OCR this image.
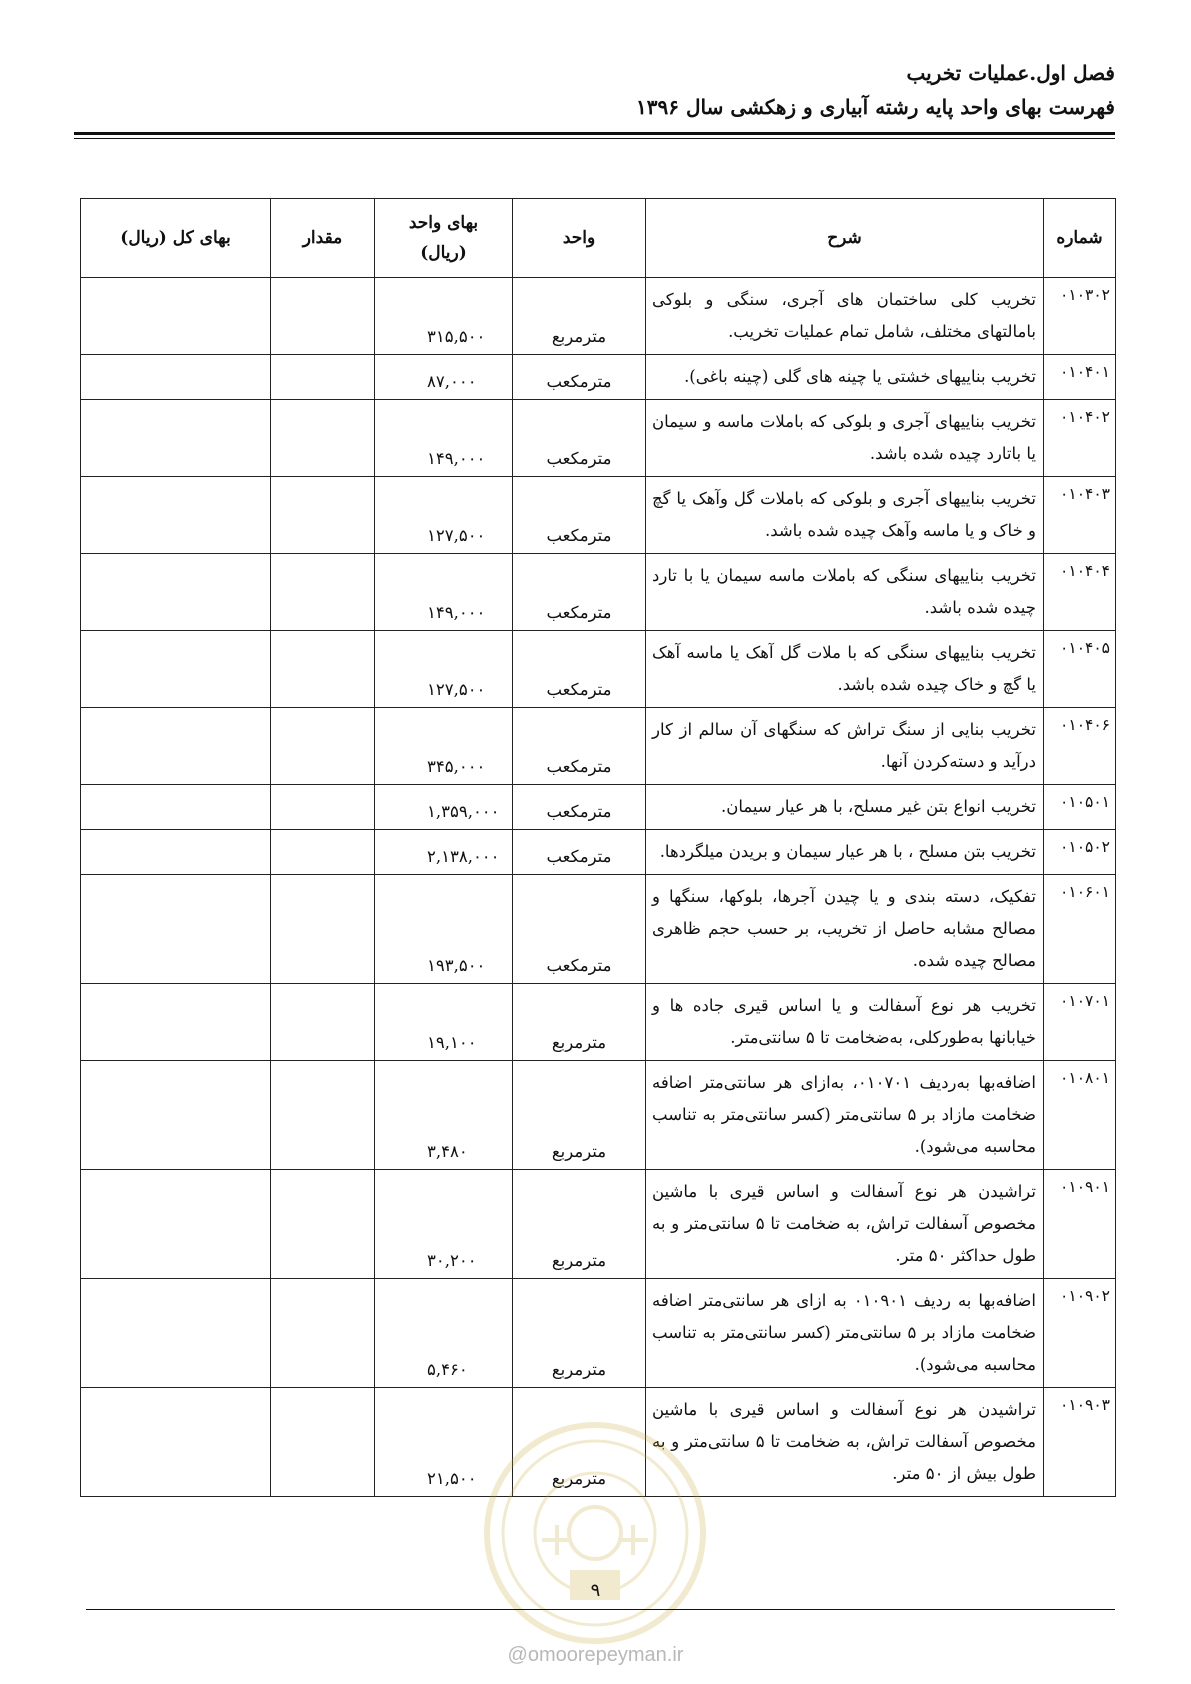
فصل اول.عملیات تخریب
فهرست بهای واحد پایه رشته آبیاری و زهکشی سال ۱۳۹۶
شماره	شرح	واحد	بهای واحد (ریال)	مقدار	بهای کل (ریال)
۰۱۰۳۰۲	تخریب کلی ساختمان های آجری، سنگی و بلوکی بامالتهای مختلف، شامل تمام عملیات تخریب.	مترمربع	۳۱۵,۵۰۰		
۰۱۰۴۰۱	تخریب بناییهای خشتی یا چینه های گلی (چینه باغی).	مترمکعب	۸۷,۰۰۰		
۰۱۰۴۰۲	تخریب بناییهای آجری و بلوکی که باملات ماسه و سیمان یا باتارد چیده شده باشد.	مترمکعب	۱۴۹,۰۰۰		
۰۱۰۴۰۳	تخریب بناییهای آجری و بلوکی که باملات گل وآهک یا گچ و خاک و یا ماسه وآهک چیده شده باشد.	مترمکعب	۱۲۷,۵۰۰		
۰۱۰۴۰۴	تخریب بناییهای سنگی که باملات ماسه سیمان یا با تارد چیده شده باشد.	مترمکعب	۱۴۹,۰۰۰		
۰۱۰۴۰۵	تخریب بناییهای سنگی که با ملات گل آهک یا ماسه آهک یا گچ و خاک چیده شده باشد.	مترمکعب	۱۲۷,۵۰۰		
۰۱۰۴۰۶	تخریب بنایی از سنگ تراش که سنگهای آن سالم از کار درآید و دسته‌کردن آنها.	مترمکعب	۳۴۵,۰۰۰		
۰۱۰۵۰۱	تخریب انواع بتن غیر مسلح، با هر عیار سیمان.	مترمکعب	۱,۳۵۹,۰۰۰		
۰۱۰۵۰۲	تخریب بتن مسلح ، با هر عیار سیمان و بریدن میلگردها.	مترمکعب	۲,۱۳۸,۰۰۰		
۰۱۰۶۰۱	تفکیک، دسته بندی و یا چیدن آجرها، بلوکها، سنگها و مصالح مشابه حاصل از تخریب، بر حسب حجم ظاهری مصالح چیده شده.	مترمکعب	۱۹۳,۵۰۰		
۰۱۰۷۰۱	تخریب هر نوع آسفالت و یا اساس قیری جاده ها و خیابانها به‌طورکلی، به‌ضخامت تا ۵ سانتی‌متر.	مترمربع	۱۹,۱۰۰		
۰۱۰۸۰۱	اضافه‌بها به‌ردیف ۰۱۰۷۰۱، به‌ازای هر سانتی‌متر اضافه ضخامت مازاد بر ۵ سانتی‌متر (کسر سانتی‌متر به تناسب محاسبه می‌شود).	مترمربع	۳,۴۸۰		
۰۱۰۹۰۱	تراشیدن هر نوع آسفالت و اساس قیری با ماشین مخصوص آسفالت تراش، به ضخامت تا ۵ سانتی‌متر و به طول حداکثر ۵۰ متر.	مترمربع	۳۰,۲۰۰		
۰۱۰۹۰۲	اضافه‌بها به ردیف ۰۱۰۹۰۱ به ازای هر سانتی‌متر اضافه ضخامت مازاد بر ۵ سانتی‌متر (کسر سانتی‌متر به تناسب محاسبه می‌شود).	مترمربع	۵,۴۶۰		
۰۱۰۹۰۳	تراشیدن هر نوع آسفالت و اساس قیری با ماشین مخصوص آسفالت تراش، به ضخامت تا ۵ سانتی‌متر و به طول بیش از ۵۰ متر.	مترمربع	۲۱,۵۰۰		
۹
@omoorepeyman.ir
